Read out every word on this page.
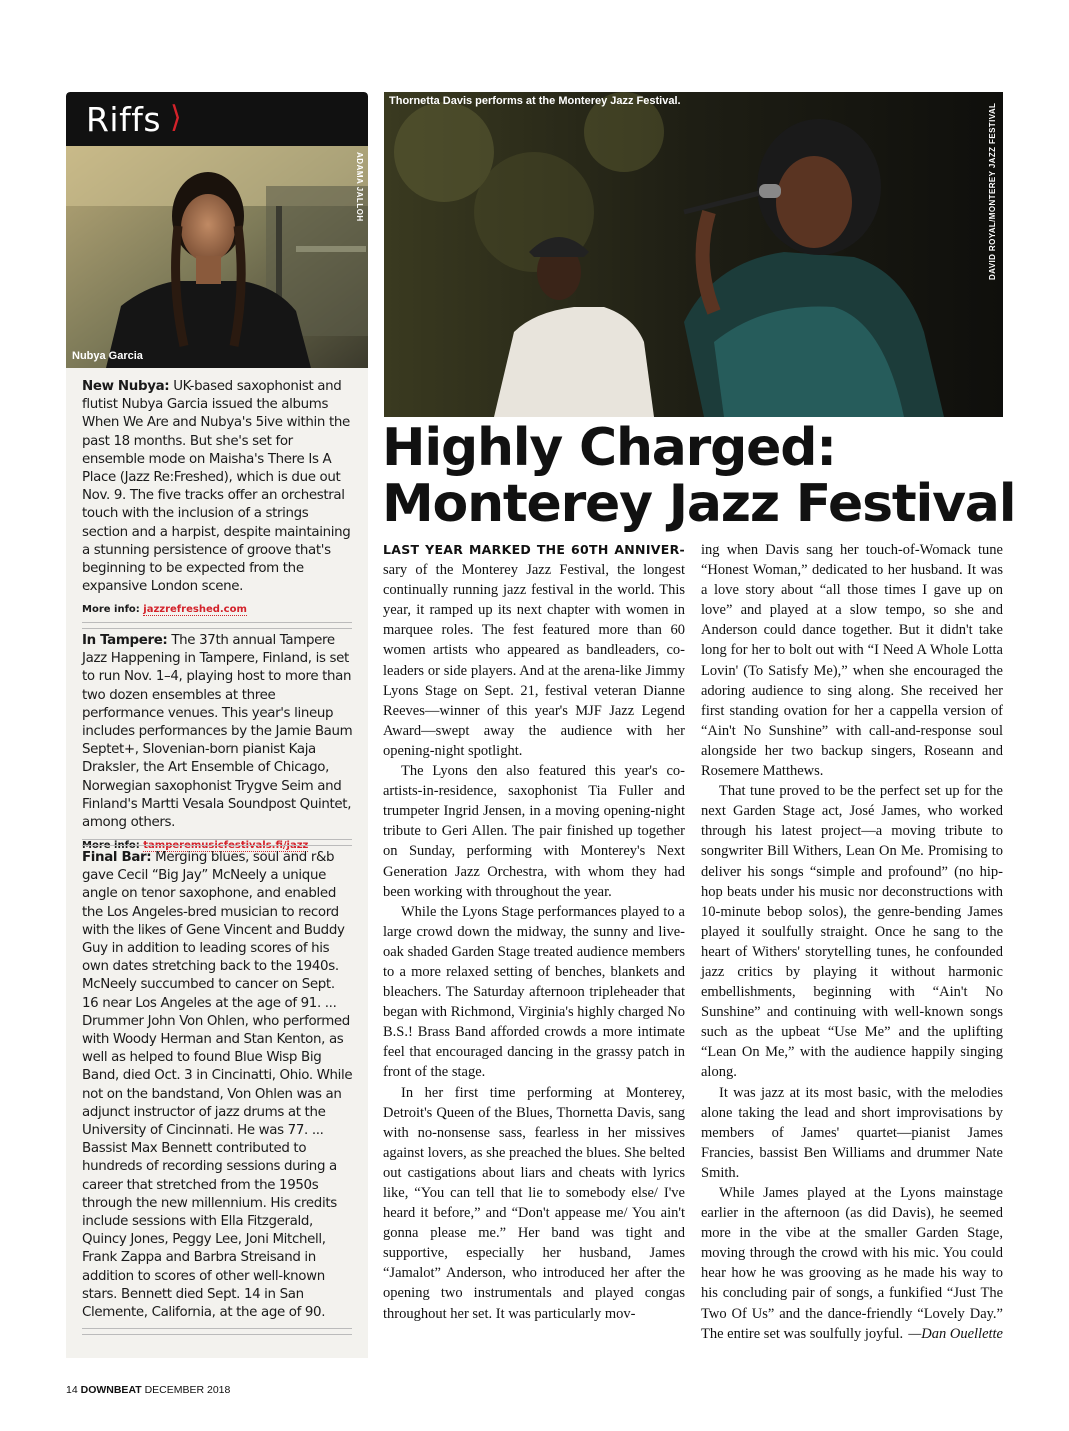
Riffs ⟩
Nubya Garcia
ADAMA JALLOH

New Nubya: UK-based saxophonist and flutist Nubya Garcia issued the albums When We Are and Nubya's 5ive within the past 18 months. But she's set for ensemble mode on Maisha's There Is A Place (Jazz Re:Freshed), which is due out Nov. 9. The five tracks offer an orchestral touch with the inclusion of a strings section and a harpist, despite maintaining a stunning persistence of groove that's beginning to be expected from the expansive London scene.

More info: jazzrefreshed.com

In Tampere: The 37th annual Tampere Jazz Happening in Tampere, Finland, is set to run Nov. 1–4, playing host to more than two dozen ensembles at three performance venues. This year's lineup includes performances by the Jamie Baum Septet+, Slovenian-born pianist Kaja Draksler, the Art Ensemble of Chicago, Norwegian saxophonist Trygve Seim and Finland's Martti Vesala Soundpost Quintet, among others.

More info: tamperemusicfestivals.fi/jazz

Final Bar: Merging blues, soul and r&b gave Cecil “Big Jay” McNeely a unique angle on tenor saxophone, and enabled the Los Angeles-bred musician to record with the likes of Gene Vincent and Buddy Guy in addition to leading scores of his own dates stretching back to the 1940s. McNeely succumbed to cancer on Sept. 16 near Los Angeles at the age of 91. ... Drummer John Von Ohlen, who performed with Woody Herman and Stan Kenton, as well as helped to found Blue Wisp Big Band, died Oct. 3 in Cincinatti, Ohio. While not on the bandstand, Von Ohlen was an adjunct instructor of jazz drums at the University of Cincinnati. He was 77. ... Bassist Max Bennett contributed to hundreds of recording sessions during a career that stretched from the 1950s through the new millennium. His credits include sessions with Ella Fitzgerald, Quincy Jones, Peggy Lee, Joni Mitchell, Frank Zappa and Barbra Streisand in addition to scores of other well-known stars. Bennett died Sept. 14 in San Clemente, California, at the age of 90.

Thornetta Davis performs at the Monterey Jazz Festival.
DAVID ROYAL/MONTEREY JAZZ FESTIVAL
Highly Charged:
Monterey Jazz Festival

LAST YEAR MARKED THE 60TH ANNIVER- sary of the Monterey Jazz Festival, the longest continually running jazz festival in the world. This year, it ramped up its next chapter with women in marquee roles. The fest featured more than 60 women artists who appeared as bandleaders, co-leaders or side players. And at the arena-like Jimmy Lyons Stage on Sept. 21, festival veteran Dianne Reeves—winner of this year's MJF Jazz Legend Award—swept away the audience with her opening-night spotlight.

The Lyons den also featured this year's co-artists-in-residence, saxophonist Tia Fuller and trumpeter Ingrid Jensen, in a moving opening-night tribute to Geri Allen. The pair finished up together on Sunday, performing with Monterey's Next Generation Jazz Orchestra, with whom they had been working with throughout the year.

While the Lyons Stage performances played to a large crowd down the midway, the sunny and live-oak shaded Garden Stage treated audience members to a more relaxed setting of benches, blankets and bleachers. The Saturday afternoon tripleheader that began with Richmond, Virginia's highly charged No B.S.! Brass Band afforded crowds a more intimate feel that encouraged dancing in the grassy patch in front of the stage.

In her first time performing at Monterey, Detroit's Queen of the Blues, Thornetta Davis, sang with no-nonsense sass, fearless in her missives against lovers, as she preached the blues. She belted out castigations about liars and cheats with lyrics like, “You can tell that lie to somebody else/ I've heard it before,” and “Don't appease me/ You ain't gonna please me.” Her band was tight and supportive, especially her husband, James “Jamalot” Anderson, who introduced her after the opening two instrumentals and played congas throughout her set. It was particularly mov-

ing when Davis sang her touch-of-Womack tune “Honest Woman,” dedicated to her husband. It was a love story about “all those times I gave up on love” and played at a slow tempo, so she and Anderson could dance together. But it didn't take long for her to bolt out with “I Need A Whole Lotta Lovin' (To Satisfy Me),” when she encouraged the adoring audience to sing along. She received her first standing ovation for her a cappella version of “Ain't No Sunshine” with call-and-response soul alongside her two backup singers, Roseann and Rosemere Matthews.

That tune proved to be the perfect set up for the next Garden Stage act, José James, who worked through his latest project—a moving tribute to songwriter Bill Withers, Lean On Me. Promising to deliver his songs “simple and profound” (no hip-hop beats under his music nor deconstructions with 10-minute bebop solos), the genre-bending James played it soulfully straight. Once he sang to the heart of Withers' storytelling tunes, he confounded jazz critics by playing it without harmonic embellishments, beginning with “Ain't No Sunshine” and continuing with well-known songs such as the upbeat “Use Me” and the uplifting “Lean On Me,” with the audience happily singing along.

It was jazz at its most basic, with the melodies alone taking the lead and short improvisations by members of James' quartet—pianist James Francies, bassist Ben Williams and drummer Nate Smith.

While James played at the Lyons mainstage earlier in the afternoon (as did Davis), he seemed more in the vibe at the smaller Garden Stage, moving through the crowd with his mic. You could hear how he was grooving as he made his way to his concluding pair of songs, a funkified “Just The Two Of Us” and the dance-friendly “Lovely Day.” The entire set was soulfully joyful. —Dan Ouellette
14 DOWNBEAT DECEMBER 2018
